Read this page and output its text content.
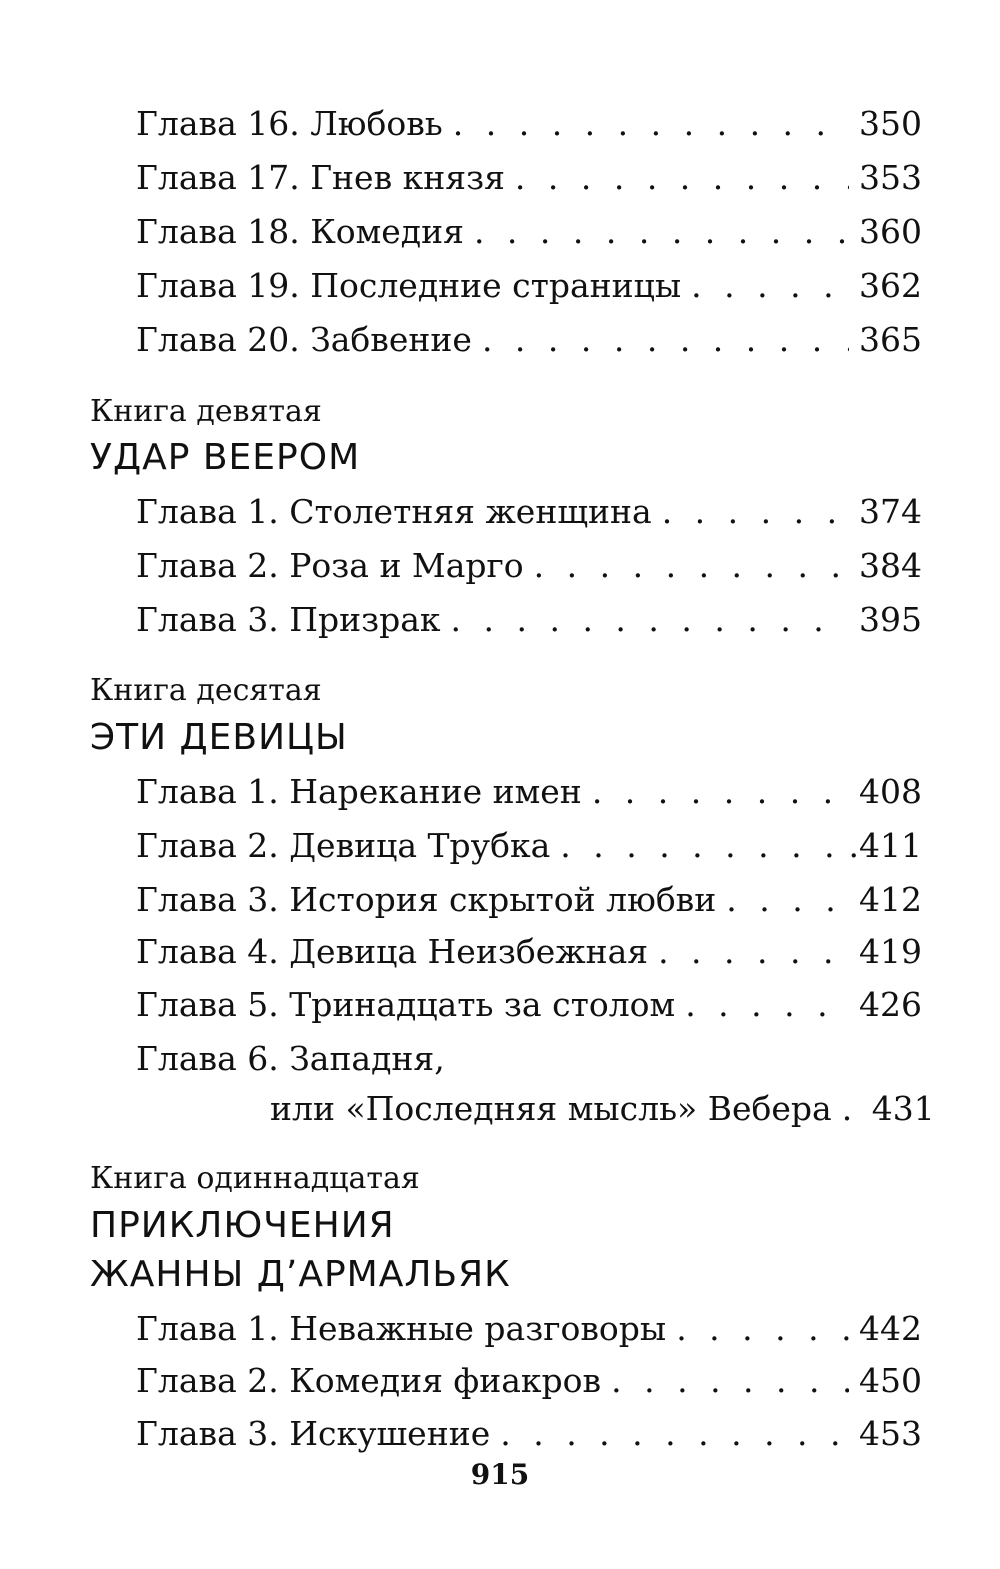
Глава 16. Любовь . . .	350
Глава 17. Гнев князя . . .	353
Глава 18. Комедия . . .	360
Глава 19. Последние страницы . . .	362
Глава 20. Забвение . . .	365
Книга девятая
УДАР ВЕЕРОМ
Глава 1. Столетняя женщина . . .	374
Глава 2. Роза и Марго . . .	384
Глава 3. Призрак . . .	395
Книга десятая
ЭТИ ДЕВИЦЫ
Глава 1. Нарекание имен . . .	408
Глава 2. Девица Трубка . . .	.411
Глава 3. История скрытой любви . . .	412
Глава 4. Девица Неизбежная . . .	419
Глава 5. Тринадцать за столом . . .	426
Глава 6. Западня,
или «Последняя мысль» Вебера . . . 431
Книга одиннадцатая
ПРИКЛЮЧЕНИЯ
ЖАННЫ Д’АРМАЛЬЯК
Глава 1. Неважные разговоры . . .	442
Глава 2. Комедия фиакров . . .	450
Глава 3. Искушение . . .	453
915
